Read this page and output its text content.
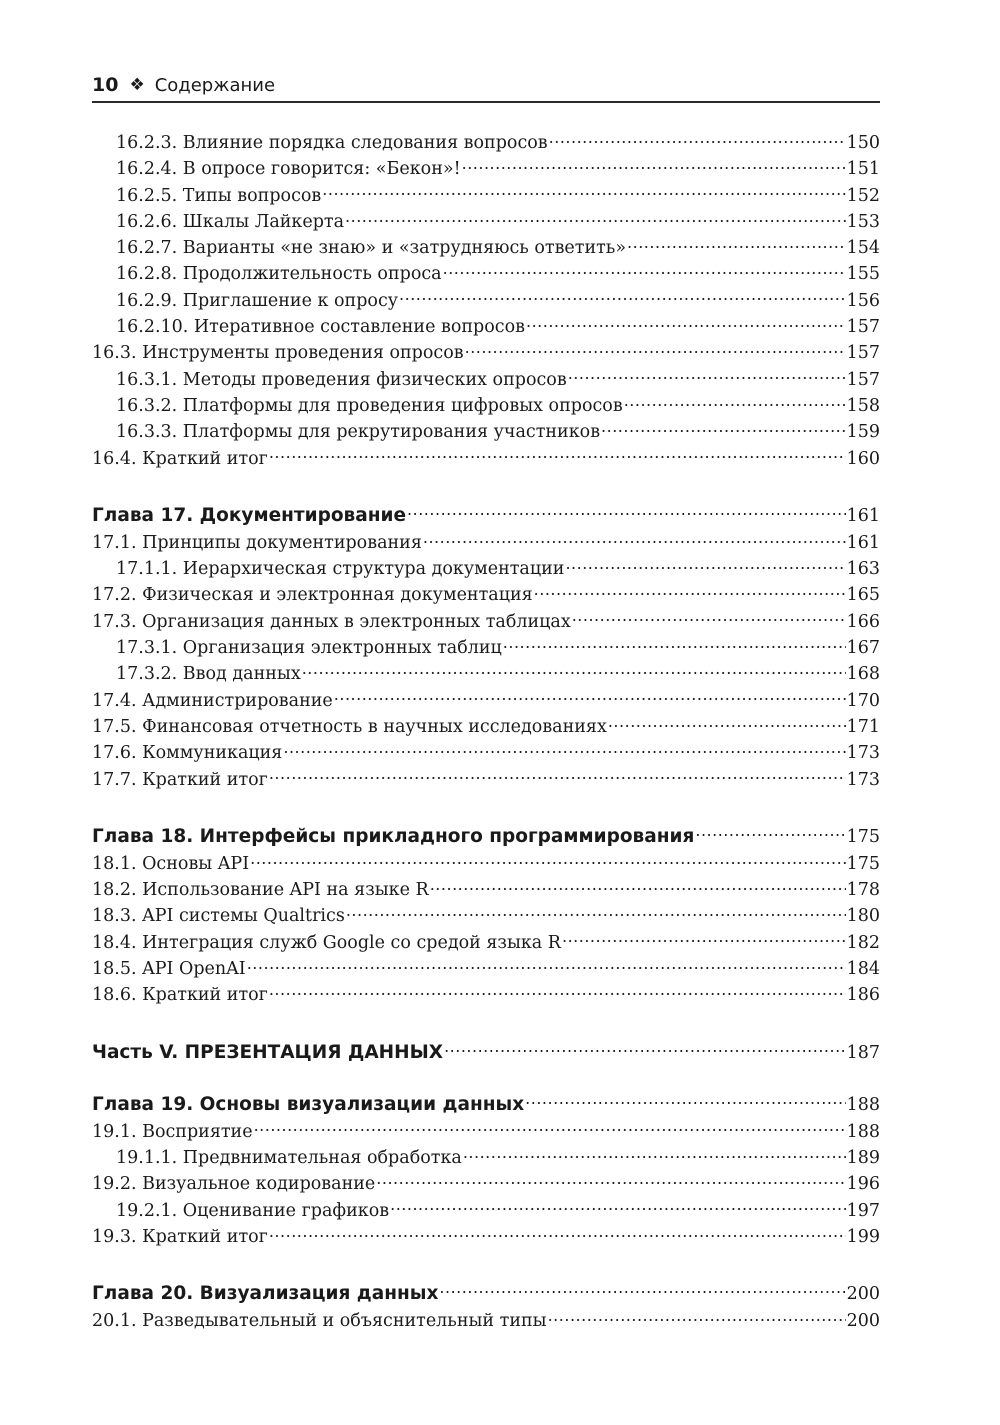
10 ❖ Содержание
16.2.3. Влияние порядка следования вопросов .....	150
16.2.4. В опросе говорится: «Бекон»! .....	151
16.2.5. Типы вопросов .....	152
16.2.6. Шкалы Лайкерта .....	153
16.2.7. Варианты «не знаю» и «затрудняюсь ответить» .....	154
16.2.8. Продолжительность опроса .....	155
16.2.9. Приглашение к опросу .....	156
16.2.10. Итеративное составление вопросов .....	157
16.3. Инструменты проведения опросов .....	157
16.3.1. Методы проведения физических опросов .....	157
16.3.2. Платформы для проведения цифровых опросов .....	158
16.3.3. Платформы для рекрутирования участников .....	159
16.4. Краткий итог .....	160
Глава 17. Документирование .....	161
17.1. Принципы документирования .....	161
17.1.1. Иерархическая структура документации .....	163
17.2. Физическая и электронная документация .....	165
17.3. Организация данных в электронных таблицах .....	166
17.3.1. Организация электронных таблиц .....	167
17.3.2. Ввод данных .....	168
17.4. Администрирование .....	170
17.5. Финансовая отчетность в научных исследованиях .....	171
17.6. Коммуникация .....	173
17.7. Краткий итог .....	173
Глава 18. Интерфейсы прикладного программирования .....	175
18.1. Основы API .....	175
18.2. Использование API на языке R .....	178
18.3. API системы Qualtrics .....	180
18.4. Интеграция служб Google со средой языка R .....	182
18.5. API OpenAI .....	184
18.6. Краткий итог .....	186
Часть V. ПРЕЗЕНТАЦИЯ ДАННЫХ .....	187
Глава 19. Основы визуализации данных .....	188
19.1. Восприятие .....	188
19.1.1. Предвнимательная обработка .....	189
19.2. Визуальное кодирование .....	196
19.2.1. Оценивание графиков .....	197
19.3. Краткий итог .....	199
Глава 20. Визуализация данных .....	200
20.1. Разведывательный и объяснительный типы .....	200
